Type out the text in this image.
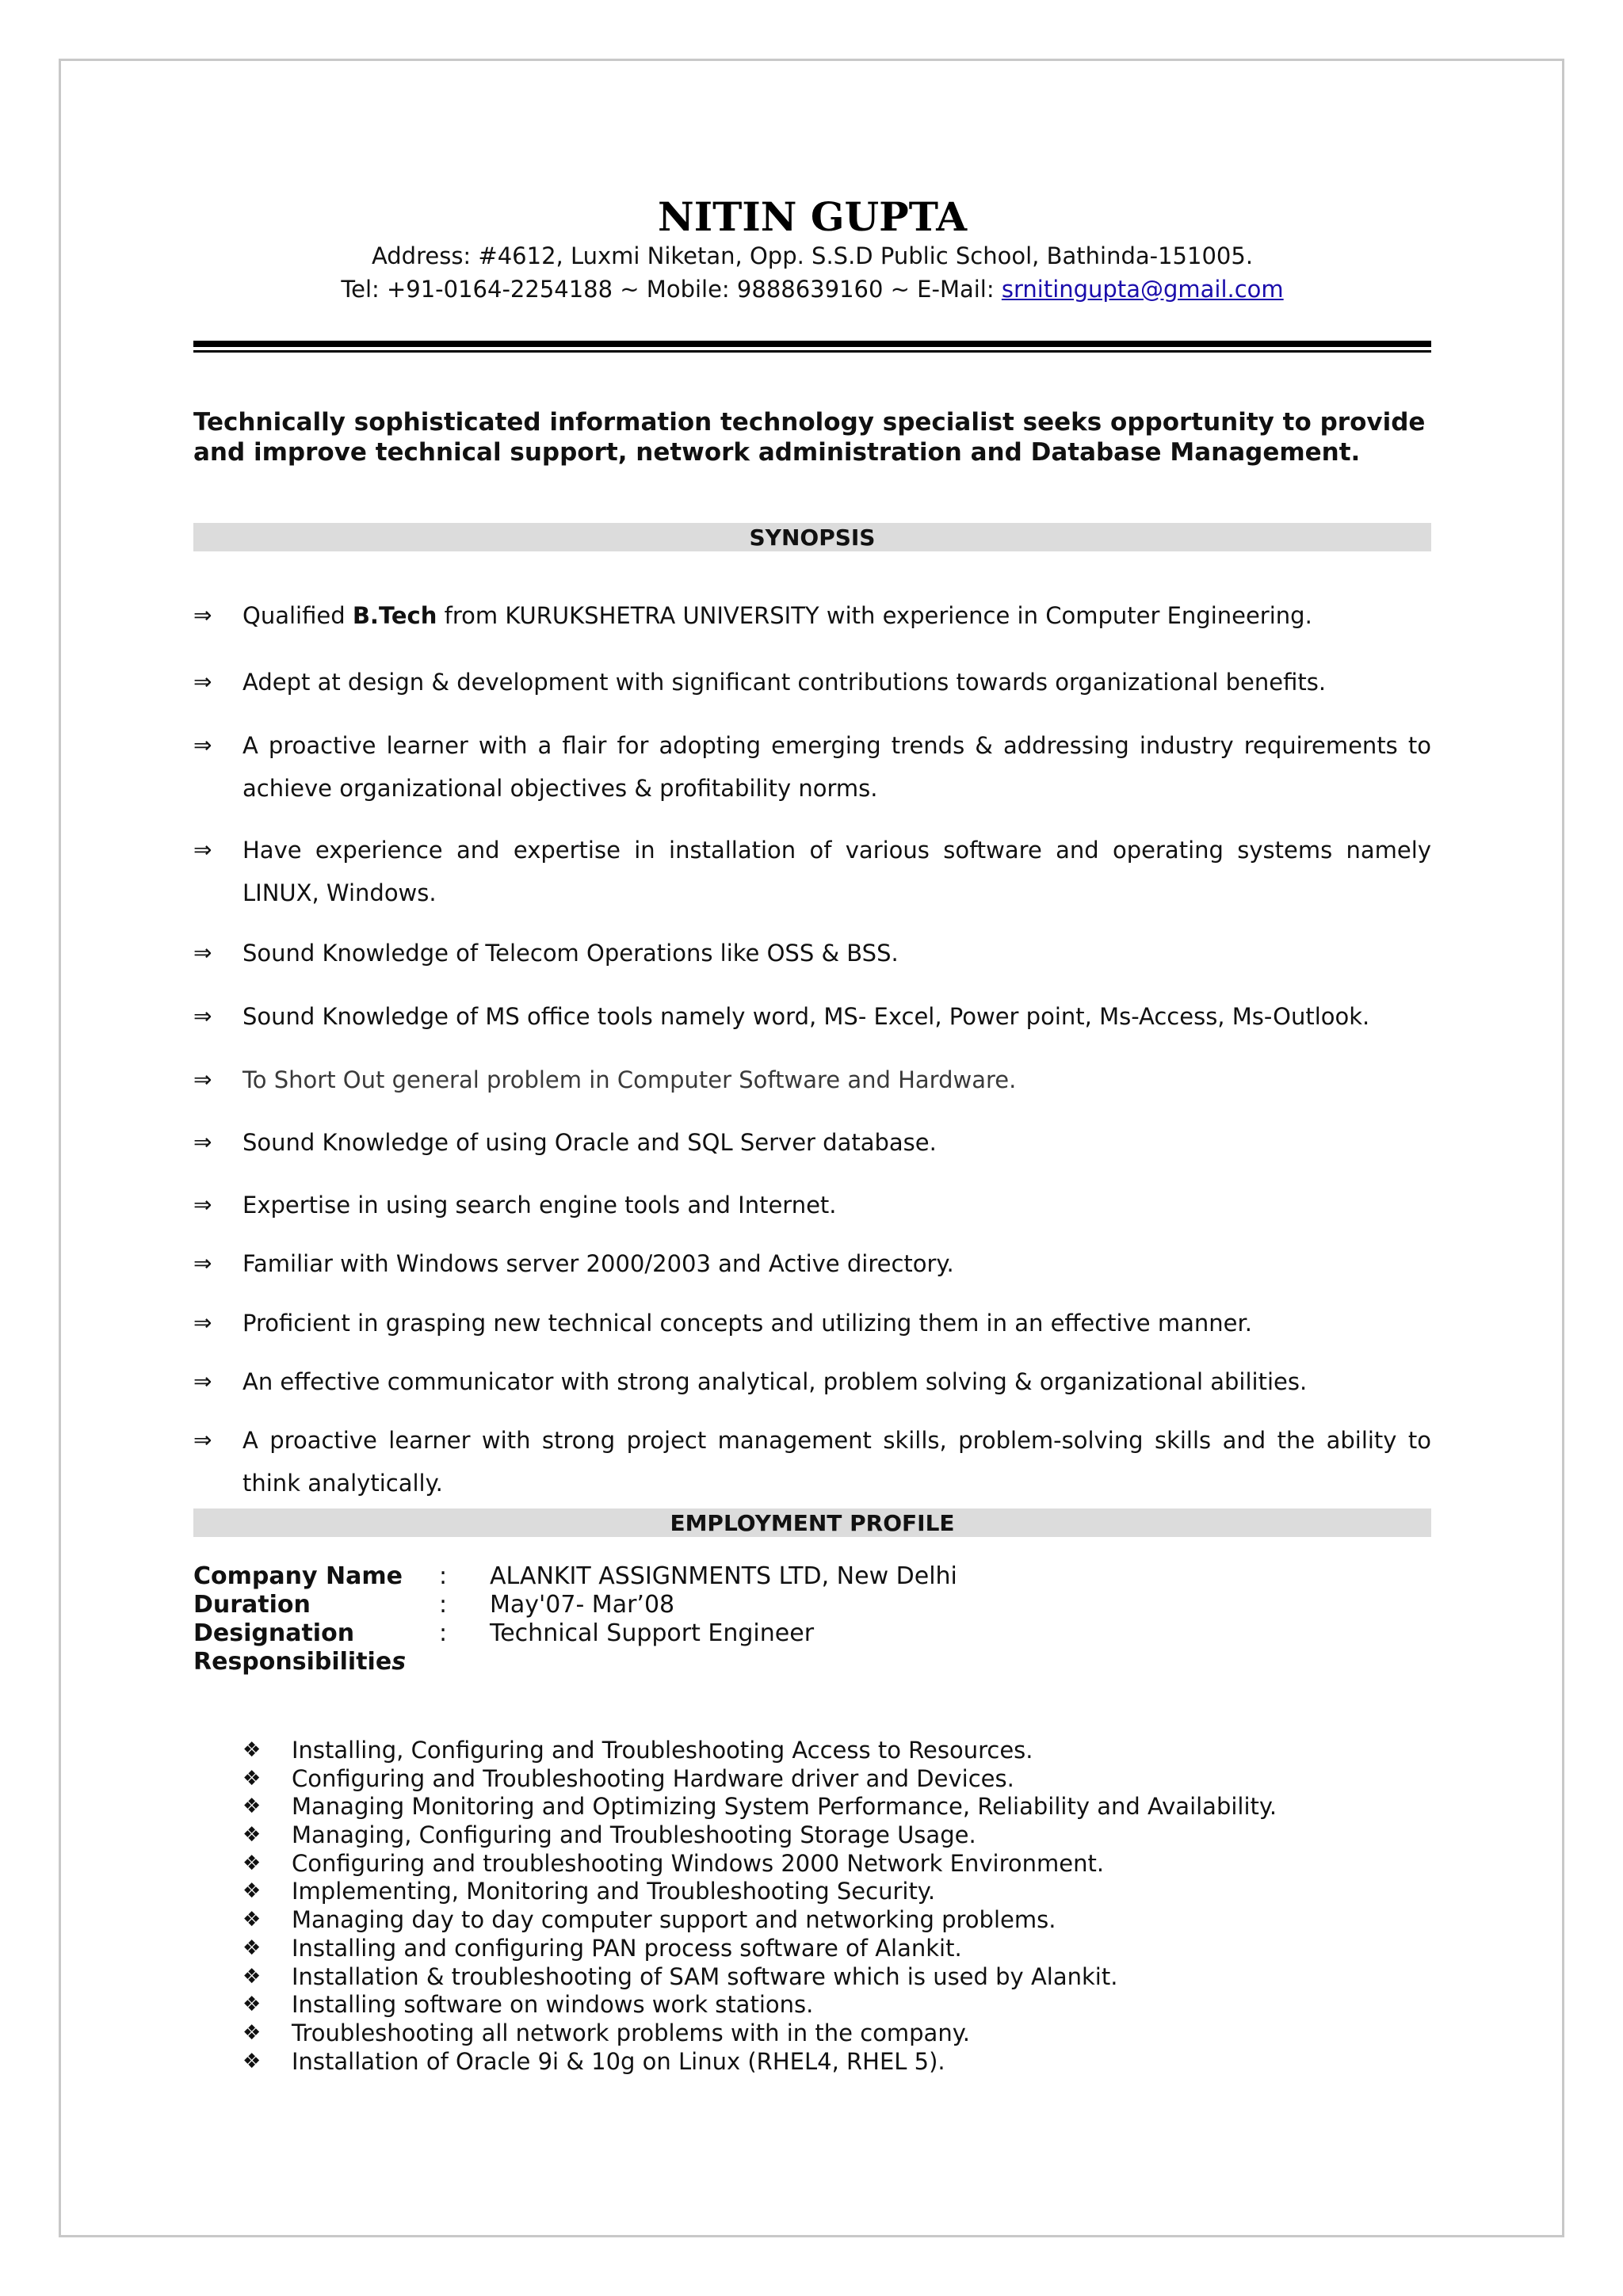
NITIN GUPTA
Address: #4612, Luxmi Niketan, Opp. S.S.D Public School, Bathinda-151005.
Tel: +91-0164-2254188 ~ Mobile: 9888639160 ~ E-Mail: srnitingupta@gmail.com

Technically sophisticated information technology specialist seeks opportunity to provide and improve technical support, network administration and Database Management.

SYNOPSIS
⇒	Qualified B.Tech from KURUKSHETRA UNIVERSITY with experience in Computer Engineering.
⇒	Adept at design & development with significant contributions towards organizational benefits.
⇒	A proactive learner with a flair for adopting emerging trends & addressing industry requirements to achieve organizational objectives & profitability norms.
⇒	Have experience and expertise in installation of various software and operating systems namely LINUX, Windows.
⇒	Sound Knowledge of Telecom Operations like OSS & BSS.
⇒	Sound Knowledge of MS office tools namely word, MS- Excel, Power point, Ms-Access, Ms-Outlook.
⇒	To Short Out general problem in Computer Software and Hardware.
⇒	Sound Knowledge of using Oracle and SQL Server database.
⇒	Expertise in using search engine tools and Internet.
⇒	Familiar with Windows server 2000/2003 and Active directory.
⇒	Proficient in grasping new technical concepts and utilizing them in an effective manner.
⇒	An effective communicator with strong analytical, problem solving & organizational abilities.
⇒	A proactive learner with strong project management skills, problem-solving skills and the ability to think analytically.
EMPLOYMENT PROFILE
Company Name : ALANKIT ASSIGNMENTS LTD, New Delhi
Duration	: May'07- Mar’08
Designation	: Technical Support Engineer
Responsibilities
❖ Installing, Configuring and Troubleshooting Access to Resources.
❖ Configuring and Troubleshooting Hardware driver and Devices.
❖ Managing Monitoring and Optimizing System Performance, Reliability and Availability.
❖ Managing, Configuring and Troubleshooting Storage Usage.
❖ Configuring and troubleshooting Windows 2000 Network Environment.
❖ Implementing, Monitoring and Troubleshooting Security.
❖ Managing day to day computer support and networking problems.
❖ Installing and configuring PAN process software of Alankit.
❖ Installation & troubleshooting of SAM software which is used by Alankit.
❖ Installing software on windows work stations.
❖ Troubleshooting all network problems with in the company.
❖ Installation of Oracle 9i & 10g on Linux (RHEL4, RHEL 5).
